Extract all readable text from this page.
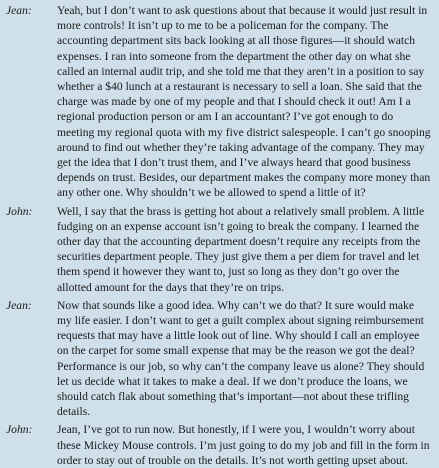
Jean:	Yeah, but I don’t want to ask questions about that because it would just result in more controls! It isn’t up to me to be a policeman for the company. The accounting department sits back looking at all those figures—it should watch expenses. I ran into someone from the department the other day on what she called an internal audit trip, and she told me that they aren’t in a position to say whether a $40 lunch at a restaurant is necessary to sell a loan. She said that the charge was made by one of my people and that I should check it out! Am I a regional production person or am I an accountant? I’ve got enough to do meeting my regional quota with my five district salespeople. I can’t go snooping around to find out whether they’re taking advantage of the company. They may get the idea that I don’t trust them, and I’ve always heard that good business depends on trust. Besides, our department makes the company more money than any other one. Why shouldn’t we be allowed to spend a little of it?
John:	Well, I say that the brass is getting hot about a relatively small problem. A little fudging on an expense account isn’t going to break the company. I learned the other day that the accounting department doesn’t require any receipts from the securities department people. They just give them a per diem for travel and let them spend it however they want to, just so long as they don’t go over the allotted amount for the days that they’re on trips.
Jean:	Now that sounds like a good idea. Why can’t we do that? It sure would make my life easier. I don’t want to get a guilt complex about signing reimbursement requests that may have a little look out of line. Why should I call an employee on the carpet for some small expense that may be the reason we got the deal? Performance is our job, so why can’t the company leave us alone? They should let us decide what it takes to make a deal. If we don’t produce the loans, we should catch flak about something that’s important—not about these trifling details.
John:	Jean, I’ve got to run now. But honestly, if I were you, I wouldn’t worry about these Mickey Mouse controls. I’m just going to do my job and fill in the form in order to stay out of trouble on the details. It’s not worth getting upset about.
